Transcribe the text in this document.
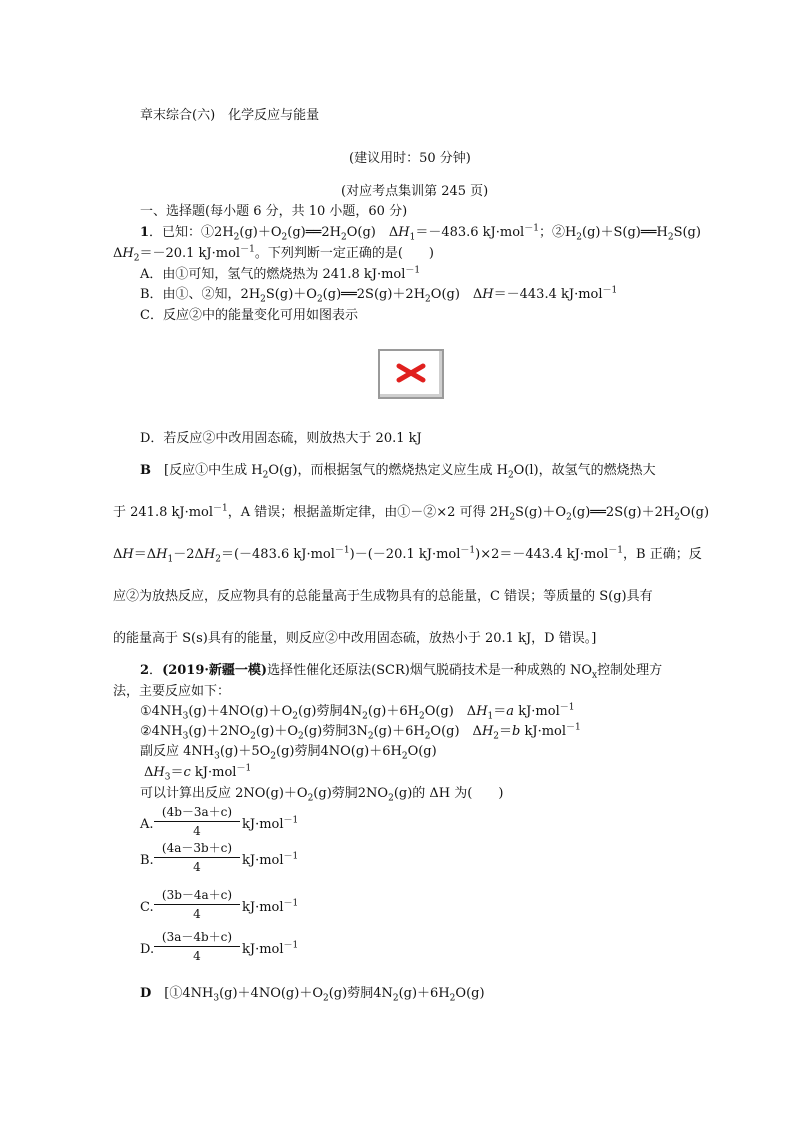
章末综合(六)　 化学反应与能量
(建议用时：50 分钟)
(对应考点集训第 245 页)
一、选择题(每小题 6 分，共 10 小题，60 分)
1．已知：$①2H_2(g)+O_2(g)══2H_2O(g)$　$\Delta H_1=-483.6$ kJ·mol$^{-1}$；$②H_2(g)+S(g)══H_2S(g)$
$\Delta H_2=-20.1$ kJ·mol$^{-1}$。下列判断一定正确的是(　　)
A．由①可知，氢气的燃烧热为 241.8 kJ·mol$^{-1}$
B．由①、②知，$2H_2S(g)+O_2(g)══2S(g)+2H_2O(g)$　ΔH＝－443.4 kJ·mol$^{-1}$
C．反应②中的能量变化可用如图表示
D．若反应②中改用固态硫，则放热大于 20.1 kJ
B　 [反应①中生成 $H_2O(g)$，而根据氢气的燃烧热定义应生成 $H_2O(l)$，故氢气的燃烧热大
于 241.8 kJ·mol$^{-1}$，A 错误；根据盖斯定律，由①－②×2 可得 $2H_2S(g)+O_2(g)══2S(g)+2H_2O(g)$
$\Delta H=\Delta H_1-2\Delta H_2=(-483.6$ kJ·mol$^{-1}$)－(－20.1 kJ·mol$^{-1}$)×2＝－443.4 kJ·mol$^{-1}$，B 正确；反
应②为放热反应，反应物具有的总能量高于生成物具有的总能量，C 错误；等质量的 S(g)具有
的能量高于 S(s)具有的能量，则反应②中改用固态硫，放热小于 20.1 kJ，D 错误。]
2．(2019·新疆一模)选择性催化还原法(SCR)烟气脱硝技术是一种成熟的 $NO_x$控制处理方
法，主要反应如下：
$①4NH_3(g)+4NO(g)+O_2(g)$䓖䏤$4N_2(g)+6H_2O(g)$　$\Delta H_1=a$ kJ·mol$^{-1}$
$②4NH_3(g)+2NO_2(g)+O_2(g)$䓖䏤$3N_2(g)+6H_2O(g)$　$\Delta H_2=b$ kJ·mol$^{-1}$
副反应 $4NH_3(g)+5O_2(g)$䓖䏤$4NO(g)+6H_2O(g)$
$\Delta H_3=c$ kJ·mol$^{-1}$
可以计算出反应 $2NO(g)+O_2(g)$䓖䏤$2NO_2(g)$的 ΔH 为(　　)
A.
(4b－3a＋c)
4	kJ·mol$^{-1}$
B.
(4a－3b＋c)
4	kJ·mol$^{-1}$
C.
(3b－4a＋c)
4	kJ·mol$^{-1}$
D.
(3a－4b＋c)
4	kJ·mol$^{-1}$
D　 [$①4NH_3(g)+4NO(g)+O_2(g)$䓖䏤$4N_2(g)+6H_2O(g)$
